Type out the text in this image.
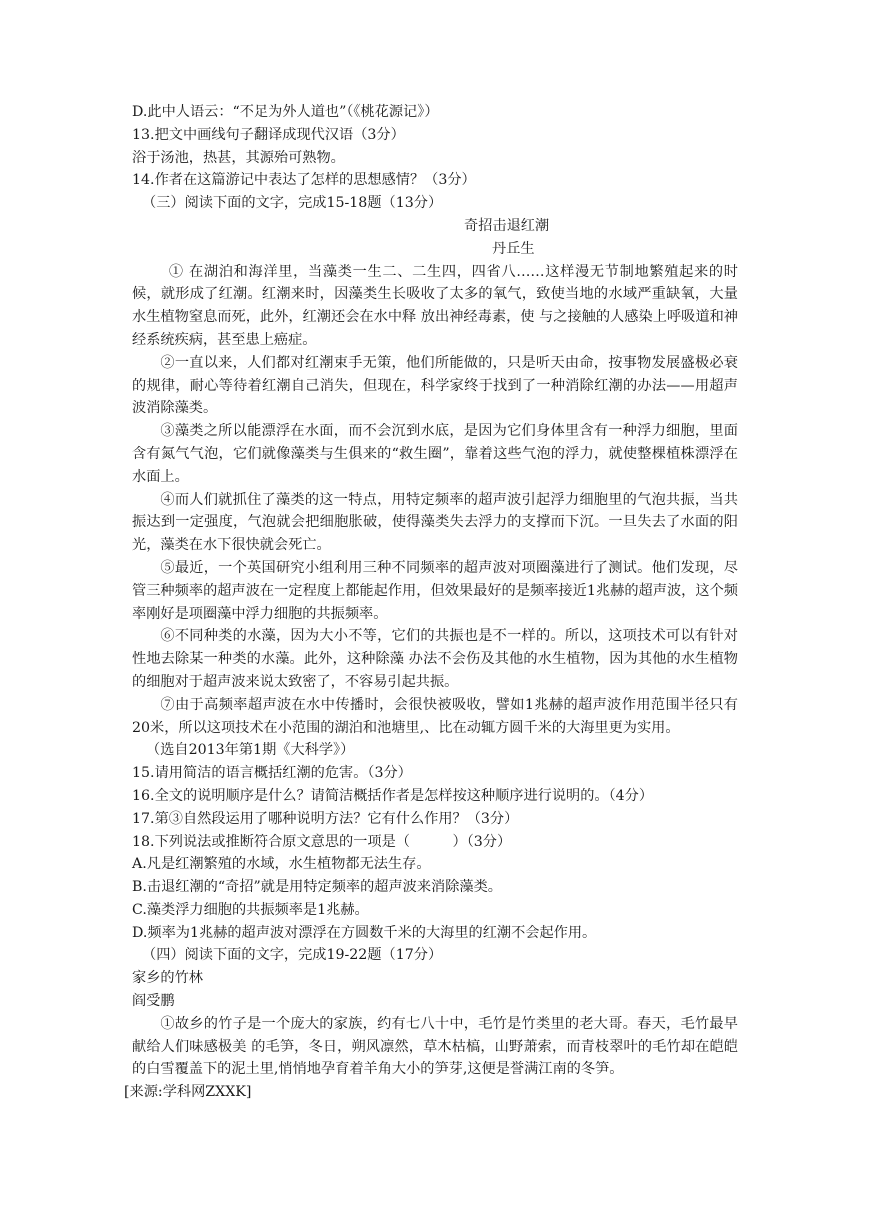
D.此中人语云：“不足为外人道也”（《桃花源记》）
13.把文中画线句子翻译成现代汉语（3分）
浴于汤池，热甚，其源殆可熟物。
14.作者在这篇游记中表达了怎样的思想感情？（3分）
（三）阅读下面的文字，完成15-18题（13分）
奇招击退红潮
丹丘生

① 在湖泊和海洋里，当藻类一生二、二生四，四省八……这样漫无节制地繁殖起来的时候，就形成了红潮。红潮来时，因藻类生长吸收了太多的氧气，致使当地的水域严重缺氧，大量水生植物窒息而死，此外，红潮还会在水中释 放出神经毒素，使 与之接触的人感染上呼吸道和神经系统疾病，甚至患上癌症。

②一直以来，人们都对红潮束手无策，他们所能做的，只是听天由命，按事物发展盛极必衰的规律，耐心等待着红潮自己消失，但现在，科学家终于找到了一种消除红潮的办法——用超声波消除藻类。

③藻类之所以能漂浮在水面，而不会沉到水底，是因为它们身体里含有一种浮力细胞，里面含有氮气气泡，它们就像藻类与生俱来的“救生圈”，靠着这些气泡的浮力，就使整棵植株漂浮在水面上。

④而人们就抓住了藻类的这一特点，用特定频率的超声波引起浮力细胞里的气泡共振，当共振达到一定强度，气泡就会把细胞胀破，使得藻类失去浮力的支撑而下沉。一旦失去了水面的阳光，藻类在水下很快就会死亡。

⑤最近，一个英国研究小组利用三种不同频率的超声波对项圈藻进行了测试。他们发现，尽管三种频率的超声波在一定程度上都能起作用，但效果最好的是频率接近1兆赫的超声波，这个频率刚好是项圈藻中浮力细胞的共振频率。

⑥不同种类的水藻，因为大小不等，它们的共振也是不一样的。所以，这项技术可以有针对性地去除某一种类的水藻。此外，这种除藻 办法不会伤及其他的水生植物，因为其他的水生植物的细胞对于超声波来说太致密了，不容易引起共振。

⑦由于高频率超声波在水中传播时，会很快被吸收，譬如1兆赫的超声波作用范围半径只有20米，所以这项技术在小范围的湖泊和池塘里,、比在动辄方圆千米的大海里更为实用。

（选自2013年第1期《大科学》）
15.请用简洁的语言概括红潮的危害。（3分）
16.全文的说明顺序是什么？请简洁概括作者是怎样按这种顺序进行说明的。（4分）
17.第③自然段运用了哪种说明方法？它有什么作用？（3分）
18.下列说法或推断符合原文意思的一项是（　　　）（3分）
A.凡是红潮繁殖的水域，水生植物都无法生存。
B.击退红潮的“奇招”就是用特定频率的超声波来消除藻类。
C.藻类浮力细胞的共振频率是1兆赫。
D.频率为1兆赫的超声波对漂浮在方圆数千米的大海里的红潮不会起作用。
（四）阅读下面的文字，完成19-22题（17分）
家乡的竹林
阎受鹏

①故乡的竹子是一个庞大的家族，约有七八十中，毛竹是竹类里的老大哥。春天，毛竹最早献给人们味感极美 的毛笋，冬日，朔风凛然，草木枯槁，山野萧索，而青枝翠叶的毛竹却在皑皑的白雪覆盖下的泥土里,悄悄地孕育着羊角大小的笋芽,这便是誉满江南的冬笋。

[来源:学科网ZXXK]
